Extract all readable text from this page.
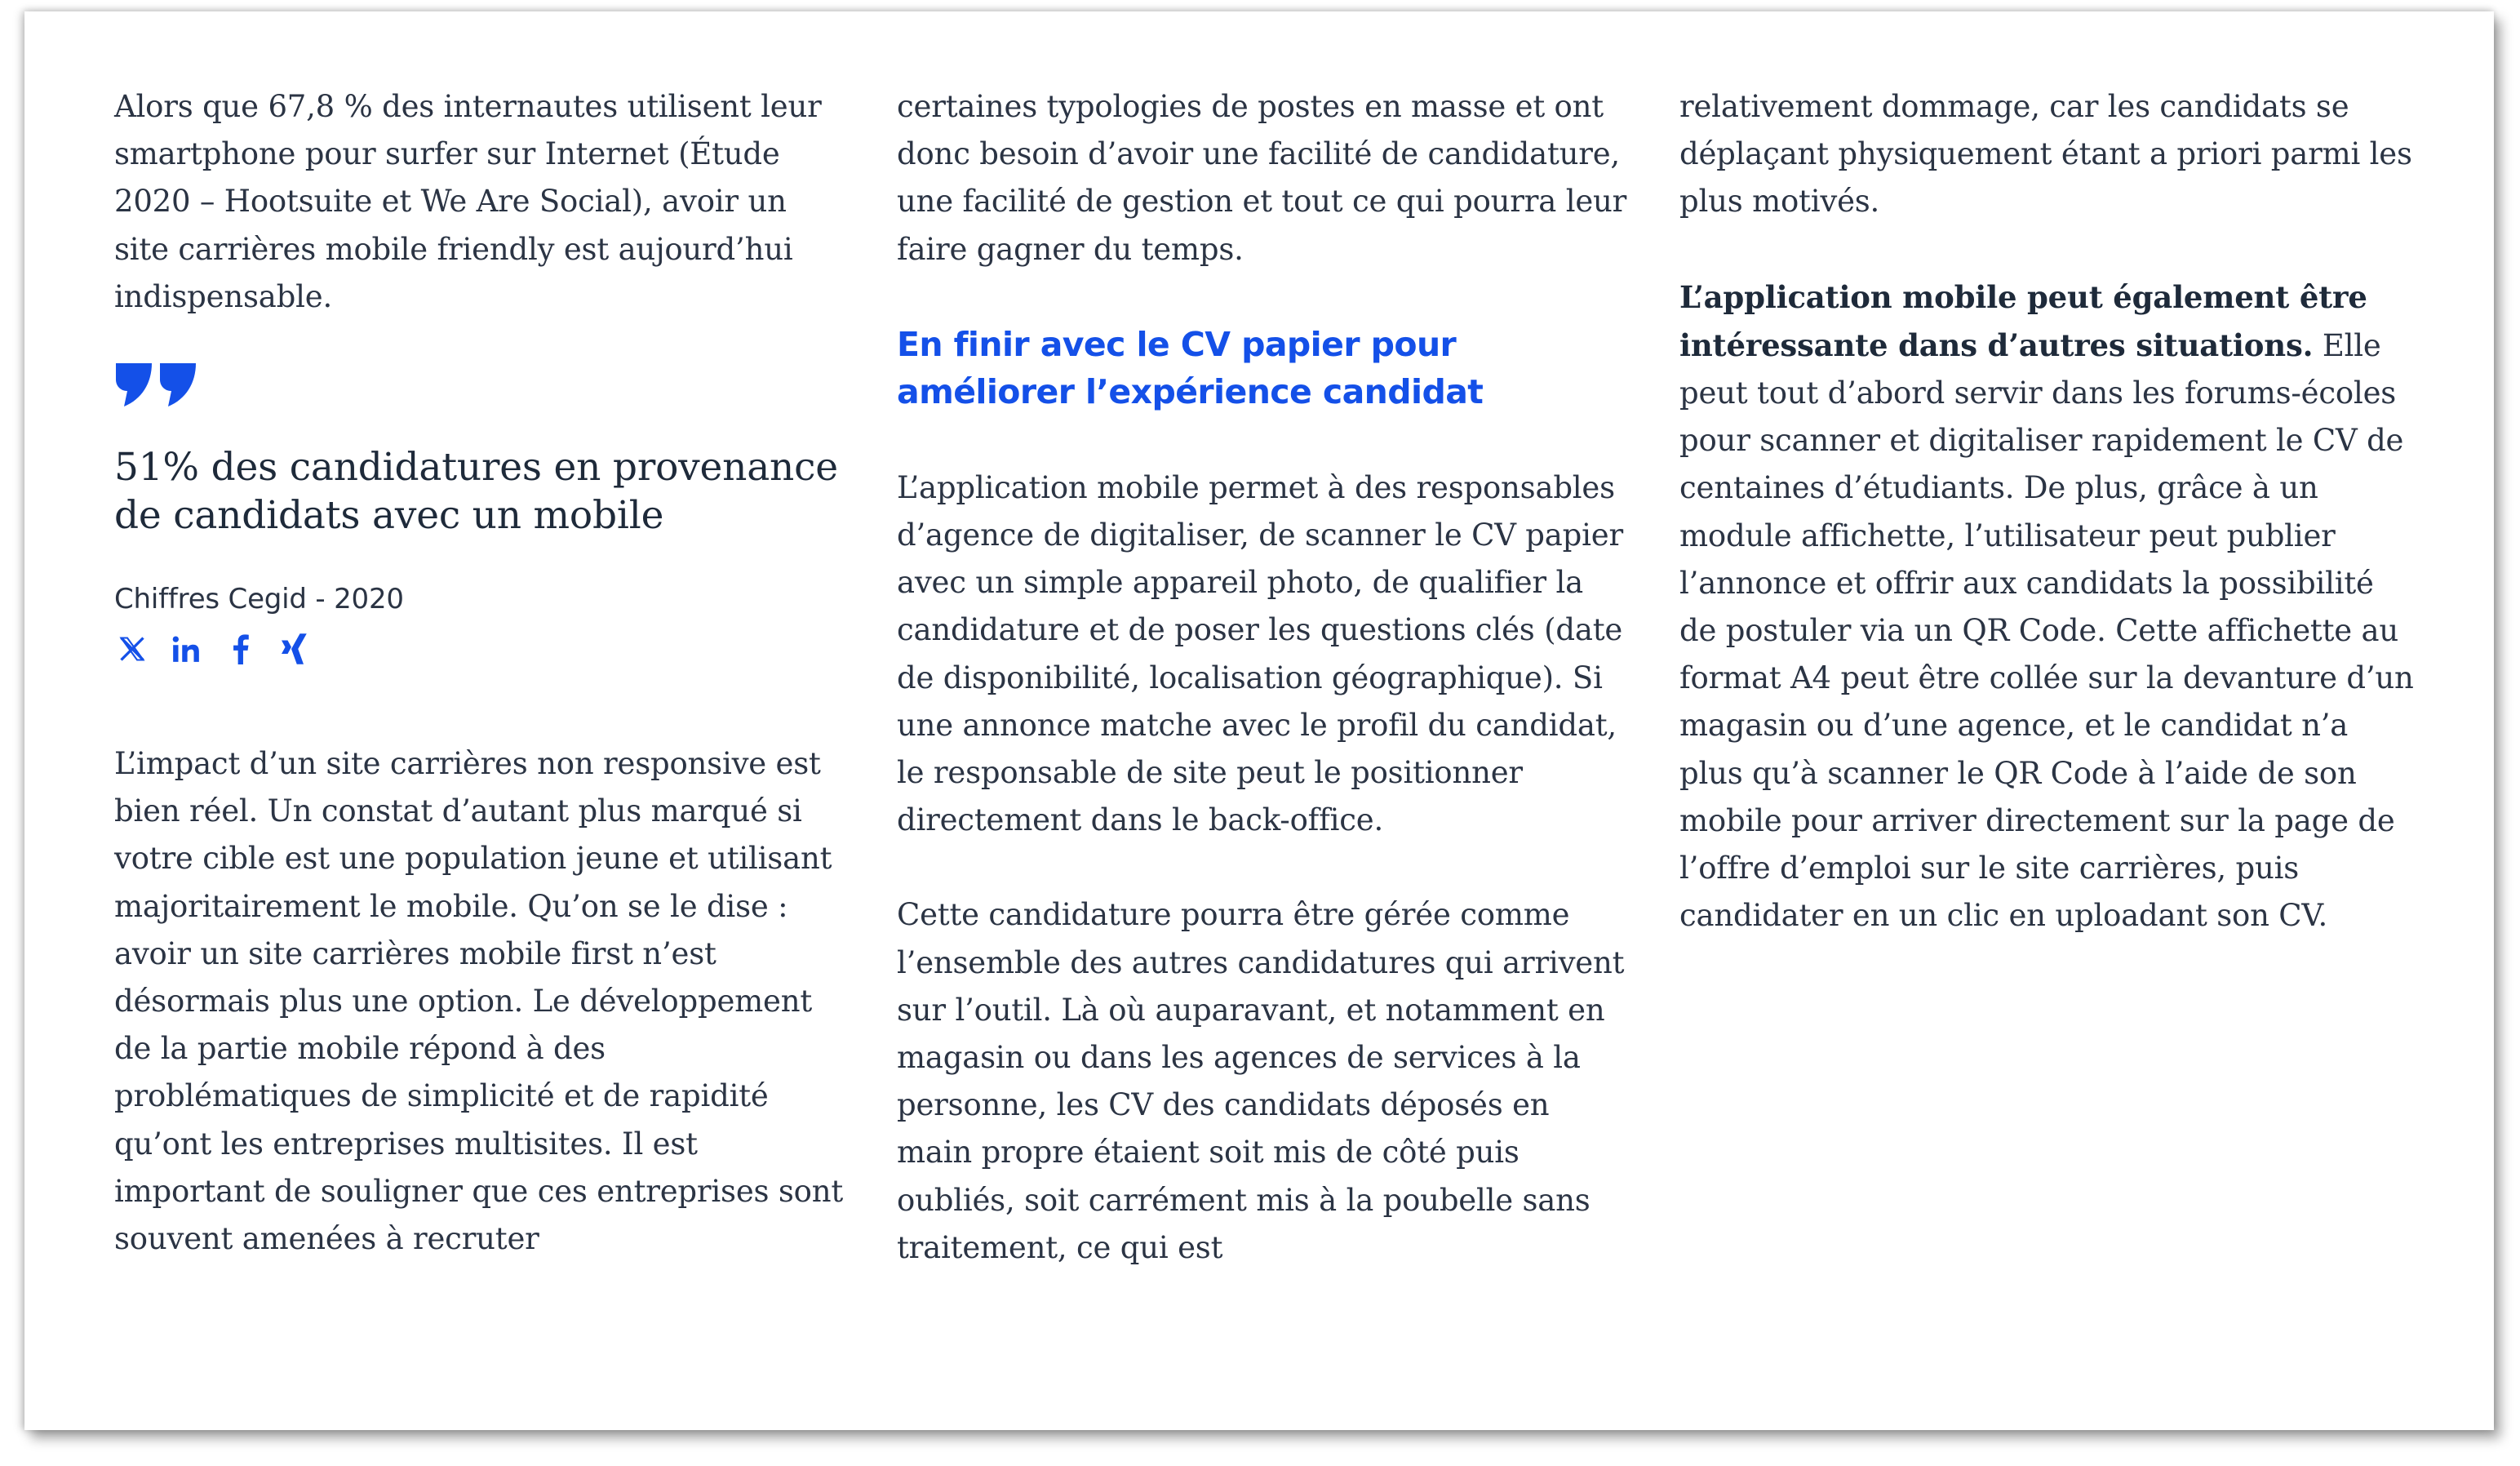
Alors que 67,8 % des internautes utilisent leur smartphone pour surfer sur Internet (Étude 2020 – Hootsuite et We Are Social), avoir un site carrières mobile friendly est aujourd’hui indispensable.

51% des candidatures en provenance de candidats avec un mobile

Chiffres Cegid - 2020

L’impact d’un site carrières non responsive est bien réel. Un constat d’autant plus marqué si votre cible est une population jeune et utilisant majoritairement le mobile. Qu’on se le dise : avoir un site carrières mobile first n’est désormais plus une option. Le développement de la partie mobile répond à des problématiques de simplicité et de rapidité qu’ont les entreprises multisites. Il est important de souligner que ces entreprises sont souvent amenées à recruter

certaines typologies de postes en masse et ont donc besoin d’avoir une facilité de candidature, une facilité de gestion et tout ce qui pourra leur faire gagner du temps.

En finir avec le CV papier pour améliorer l’expérience candidat

L’application mobile permet à des responsables d’agence de digitaliser, de scanner le CV papier avec un simple appareil photo, de qualifier la candidature et de poser les questions clés (date de disponibilité, localisation géographique). Si une annonce matche avec le profil du candidat, le responsable de site peut le positionner directement dans le back-office.

Cette candidature pourra être gérée comme l’ensemble des autres candidatures qui arrivent sur l’outil. Là où auparavant, et notamment en magasin ou dans les agences de services à la personne, les CV des candidats déposés en main propre étaient soit mis de côté puis oubliés, soit carrément mis à la poubelle sans traitement, ce qui est

relativement dommage, car les candidats se déplaçant physiquement étant a priori parmi les plus motivés.

L’application mobile peut également être intéressante dans d’autres situations. Elle peut tout d’abord servir dans les forums-écoles pour scanner et digitaliser rapidement le CV de centaines d’étudiants. De plus, grâce à un module affichette, l’utilisateur peut publier l’annonce et offrir aux candidats la possibilité de postuler via un QR Code. Cette affichette au format A4 peut être collée sur la devanture d’un magasin ou d’une agence, et le candidat n’a plus qu’à scanner le QR Code à l’aide de son mobile pour arriver directement sur la page de l’offre d’emploi sur le site carrières, puis candidater en un clic en uploadant son CV.
